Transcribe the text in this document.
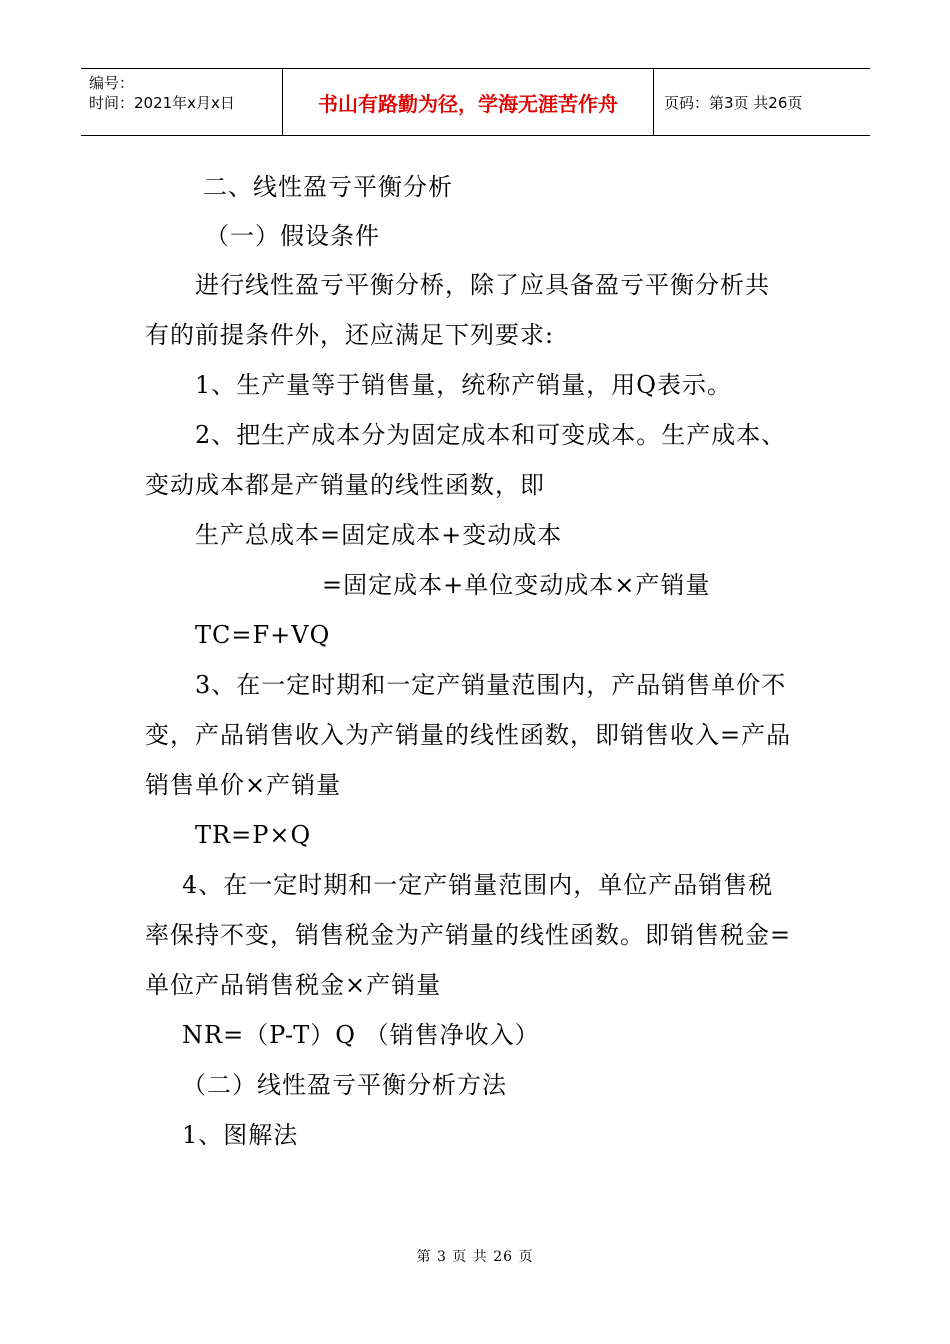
编号：
时间：2021年x月x日	书山有路勤为径，学海无涯苦作舟	页码：第3页 共26页
二、线性盈亏平衡分析
（一）假设条件
进行线性盈亏平衡分桥，除了应具备盈亏平衡分析共
有的前提条件外，还应满足下列要求:
1、生产量等于销售量，统称产销量，用Q表示。
2、把生产成本分为固定成本和可变成本。生产成本、
变动成本都是产销量的线性函数，即
生产总成本=固定成本+变动成本
=固定成本+单位变动成本×产销量
TC=F+VQ
3、在一定时期和一定产销量范围内，产品销售单价不
变，产品销售收入为产销量的线性函数，即销售收入=产品
销售单价×产销量
TR=P×Q
4、在一定时期和一定产销量范围内，单位产品销售税
率保持不变，销售税金为产销量的线性函数。即销售税金=
单位产品销售税金×产销量
NR=（P-T）Q （销售净收入）
（二）线性盈亏平衡分析方法
1、图解法
第 3 页 共 26 页
